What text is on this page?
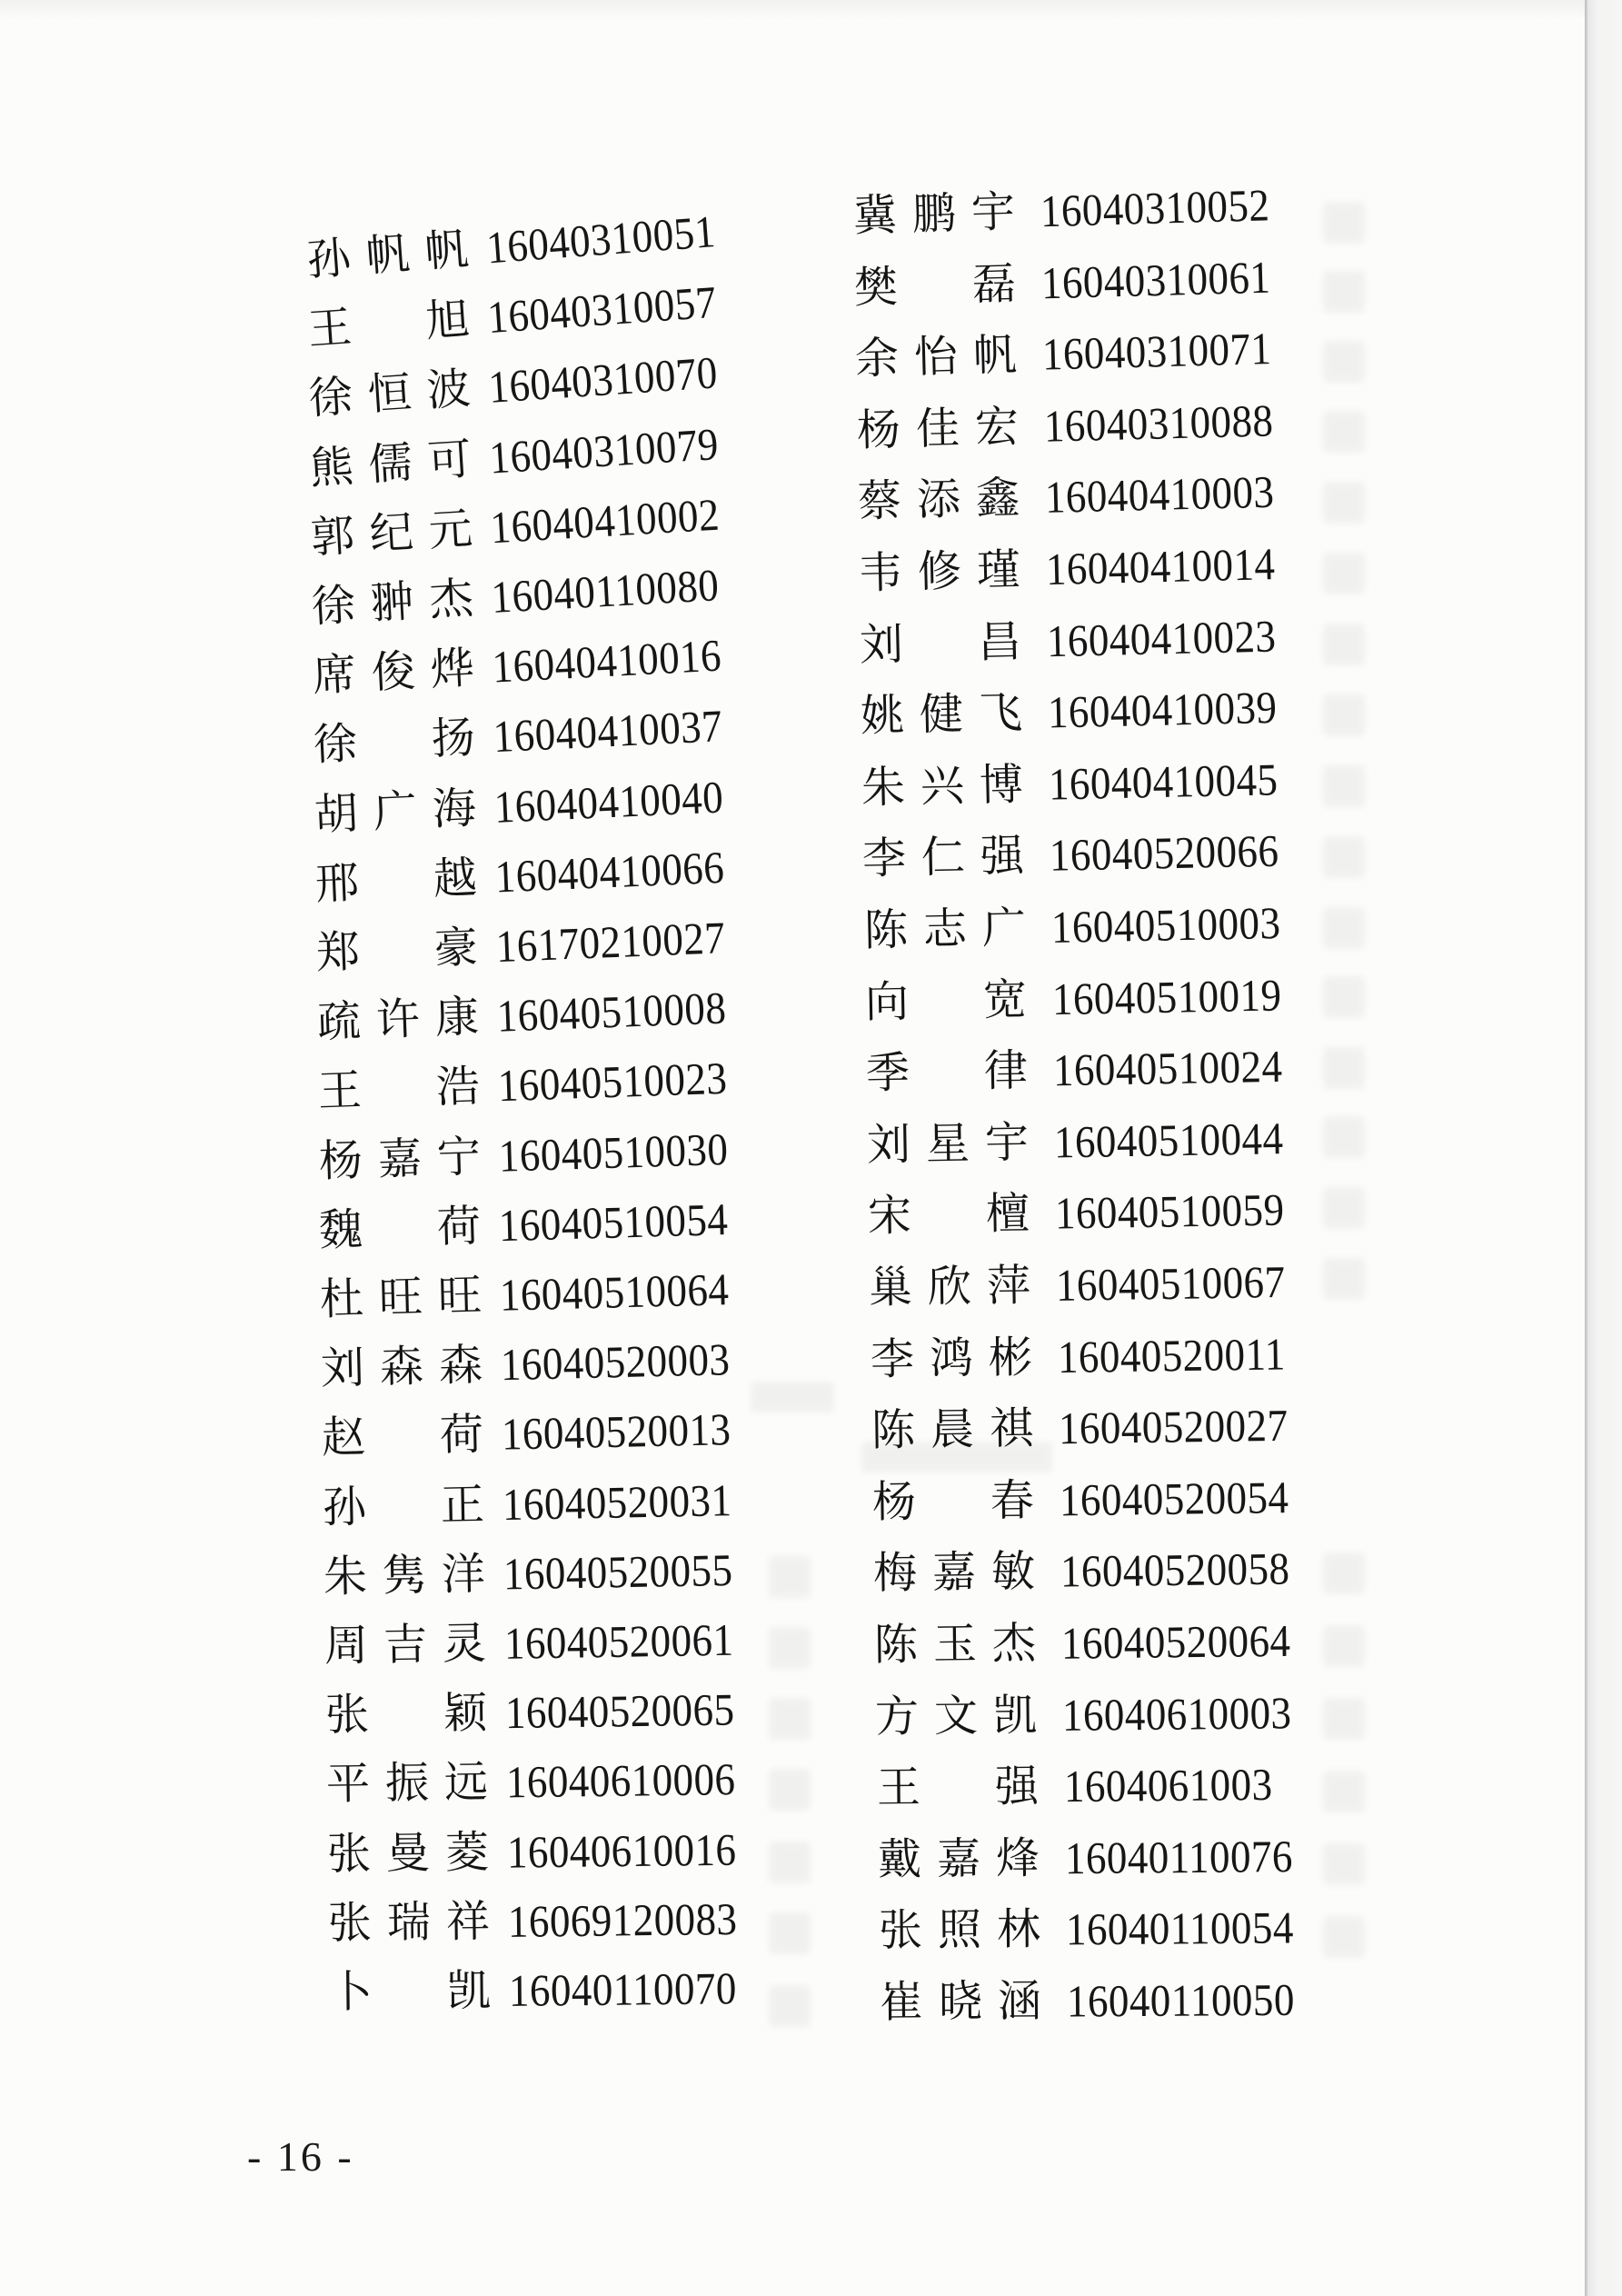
孙帆帆 16040310051
王旭 16040310057
徐恒波 16040310070
熊儒可 16040310079
郭纪元 16040410002
徐翀杰 16040110080
席俊烨 16040410016
徐扬 16040410037
胡广海 16040410040
邢越 16040410066
郑豪 16170210027
疏许康 16040510008
王浩 16040510023
杨嘉宁 16040510030
魏荷 16040510054
杜旺旺 16040510064
刘森森 16040520003
赵荷 16040520013
孙正 16040520031
朱隽洋 16040520055
周吉灵 16040520061
张颖 16040520065
平振远 16040610006
张曼菱 16040610016
张瑞祥 16069120083
卜凯 16040110070
冀鹏宇 16040310052
樊磊 16040310061
余怡帆 16040310071
杨佳宏 16040310088
蔡添鑫 16040410003
韦修瑾 16040410014
刘昌 16040410023
姚健飞 16040410039
朱兴博 16040410045
李仁强 16040520066
陈志广 16040510003
向宽 16040510019
季律 16040510024
刘星宇 16040510044
宋檀 16040510059
巢欣萍 16040510067
李鸿彬 16040520011
陈晨祺 16040520027
杨春 16040520054
梅嘉敏 16040520058
陈玉杰 16040520064
方文凯 16040610003
王强 1604061003
戴嘉烽 16040110076
张照林 16040110054
崔晓涵 16040110050
- 16 -
